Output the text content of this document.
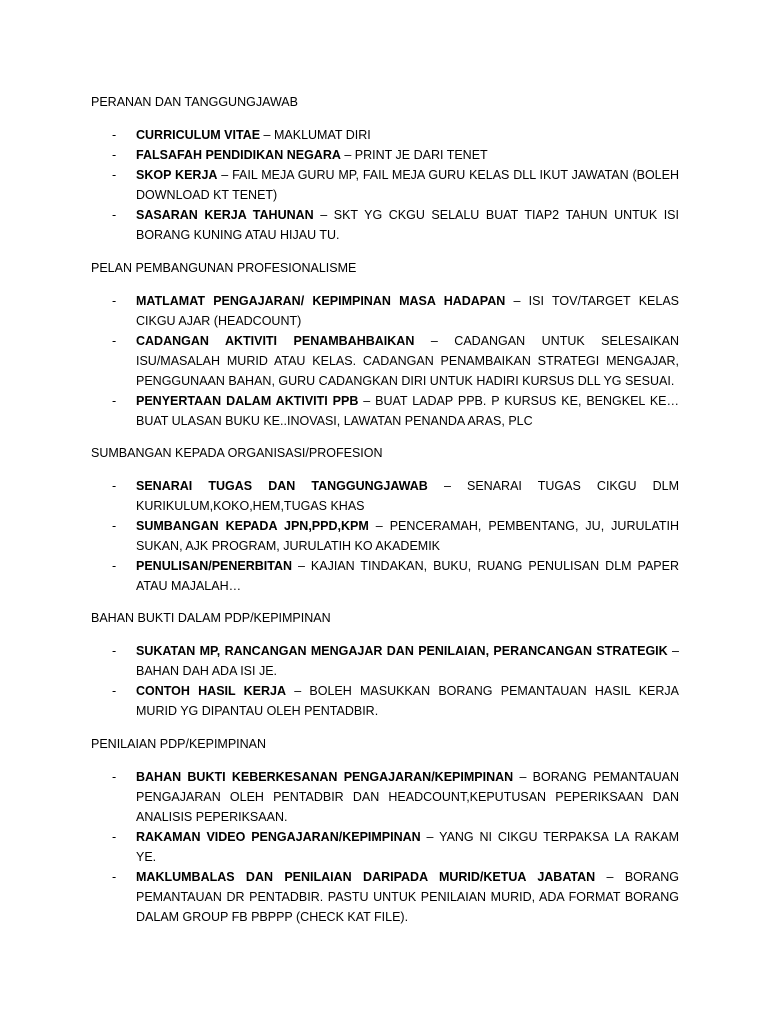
PERANAN DAN TANGGUNGJAWAB
- CURRICULUM VITAE – MAKLUMAT DIRI
- FALSAFAH PENDIDIKAN NEGARA – PRINT JE DARI TENET
- SKOP KERJA – FAIL MEJA GURU MP, FAIL MEJA GURU KELAS DLL IKUT JAWATAN (BOLEH DOWNLOAD KT TENET)
- SASARAN KERJA TAHUNAN – SKT YG CKGU SELALU BUAT TIAP2 TAHUN UNTUK ISI BORANG KUNING ATAU HIJAU TU.
PELAN PEMBANGUNAN PROFESIONALISME
- MATLAMAT PENGAJARAN/ KEPIMPINAN MASA HADAPAN – ISI TOV/TARGET KELAS CIKGU AJAR (HEADCOUNT)
- CADANGAN AKTIVITI PENAMBAHBAIKAN – CADANGAN UNTUK SELESAIKAN ISU/MASALAH MURID ATAU KELAS. CADANGAN PENAMBAIKAN STRATEGI MENGAJAR, PENGGUNAAN BAHAN, GURU CADANGKAN DIRI UNTUK HADIRI KURSUS DLL YG SESUAI.
- PENYERTAAN DALAM AKTIVITI PPB – BUAT LADAP PPB. P KURSUS KE, BENGKEL KE…BUAT ULASAN BUKU KE..INOVASI, LAWATAN PENANDA ARAS, PLC
SUMBANGAN KEPADA ORGANISASI/PROFESION
- SENARAI TUGAS DAN TANGGUNGJAWAB – SENARAI TUGAS CIKGU DLM KURIKULUM,KOKO,HEM,TUGAS KHAS
- SUMBANGAN KEPADA JPN,PPD,KPM – PENCERAMAH, PEMBENTANG, JU, JURULATIH SUKAN, AJK PROGRAM, JURULATIH KO AKADEMIK
- PENULISAN/PENERBITAN – KAJIAN TINDAKAN, BUKU, RUANG PENULISAN DLM PAPER ATAU MAJALAH…
BAHAN BUKTI DALAM PDP/KEPIMPINAN
- SUKATAN MP, RANCANGAN MENGAJAR DAN PENILAIAN, PERANCANGAN STRATEGIK – BAHAN DAH ADA ISI JE.
- CONTOH HASIL KERJA – BOLEH MASUKKAN BORANG PEMANTAUAN HASIL KERJA MURID YG DIPANTAU OLEH PENTADBIR.
PENILAIAN PDP/KEPIMPINAN
- BAHAN BUKTI KEBERKESANAN PENGAJARAN/KEPIMPINAN – BORANG PEMANTAUAN PENGAJARAN OLEH PENTADBIR DAN HEADCOUNT,KEPUTUSAN PEPERIKSAAN DAN ANALISIS PEPERIKSAAN.
- RAKAMAN VIDEO PENGAJARAN/KEPIMPINAN – YANG NI CIKGU TERPAKSA LA RAKAM YE.
- MAKLUMBALAS DAN PENILAIAN DARIPADA MURID/KETUA JABATAN – BORANG PEMANTAUAN DR PENTADBIR. PASTU UNTUK PENILAIAN MURID, ADA FORMAT BORANG DALAM GROUP FB PBPPP (CHECK KAT FILE).
